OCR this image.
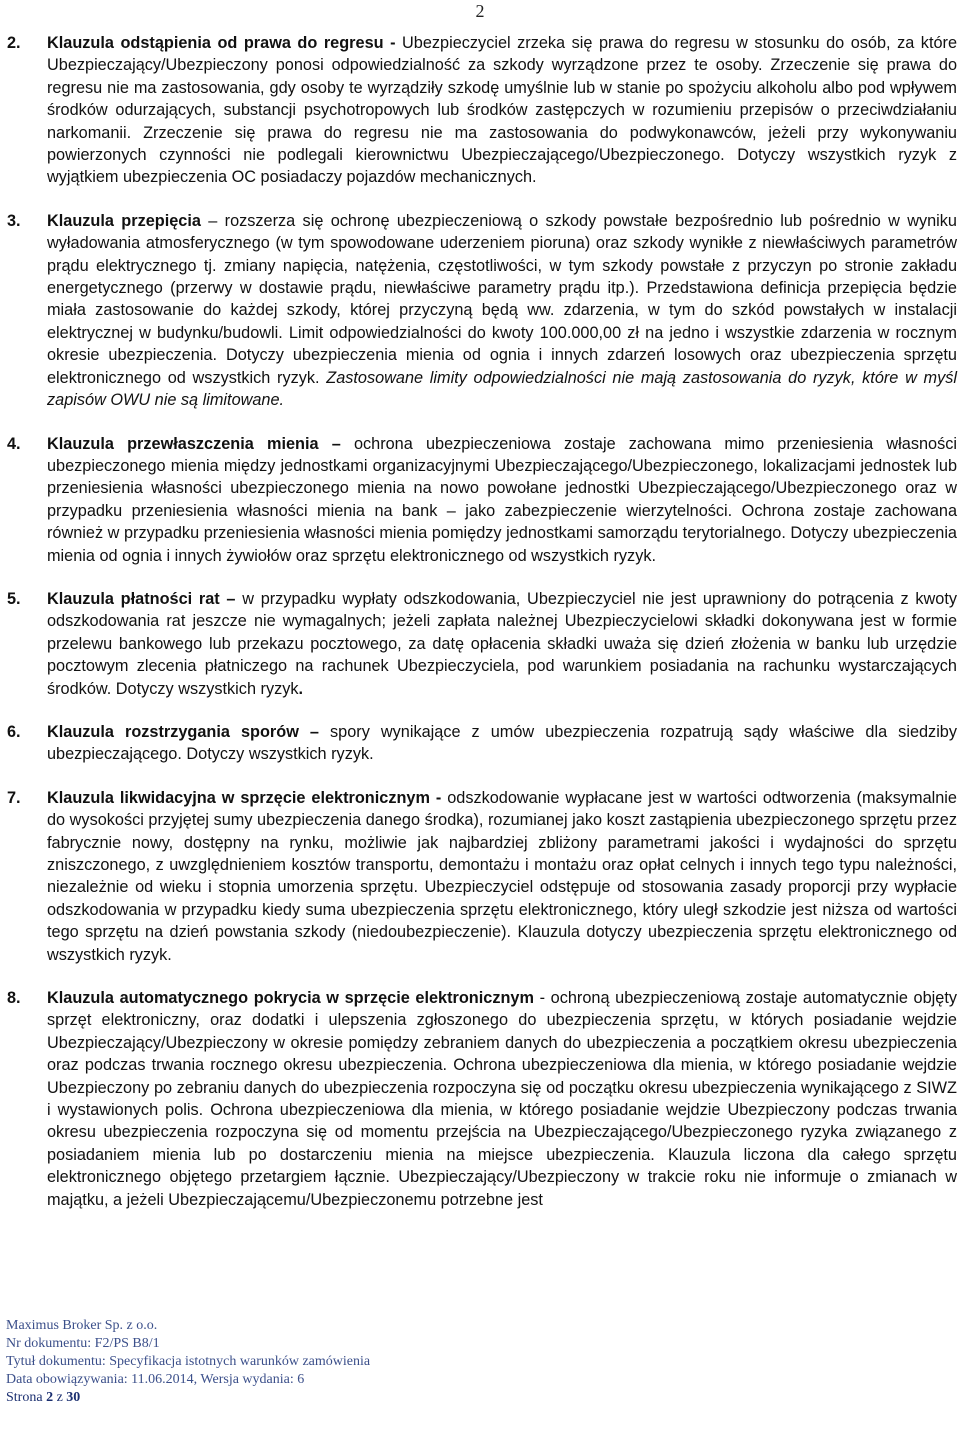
2
2.	Klauzula odstąpienia od prawa do regresu - Ubezpieczyciel zrzeka się prawa do regresu w stosunku do osób, za które Ubezpieczający/Ubezpieczony ponosi odpowiedzialność za szkody wyrządzone przez te osoby. Zrzeczenie się prawa do regresu nie ma zastosowania, gdy osoby te wyrządziły szkodę umyślnie lub w stanie po spożyciu alkoholu albo pod wpływem środków odurzających, substancji psychotropowych lub środków zastępczych w rozumieniu przepisów o przeciwdziałaniu narkomanii. Zrzeczenie się prawa do regresu nie ma zastosowania do podwykonawców, jeżeli przy wykonywaniu powierzonych czynności nie podlegali kierownictwu Ubezpieczającego/Ubezpieczonego. Dotyczy wszystkich ryzyk z wyjątkiem ubezpieczenia OC posiadaczy pojazdów mechanicznych.
3.	Klauzula przepięcia – rozszerza się ochronę ubezpieczeniową o szkody powstałe bezpośrednio lub pośrednio w wyniku wyładowania atmosferycznego (w tym spowodowane uderzeniem pioruna) oraz szkody wynikłe z niewłaściwych parametrów prądu elektrycznego tj. zmiany napięcia, natężenia, częstotliwości, w tym szkody powstałe z przyczyn po stronie zakładu energetycznego (przerwy w dostawie prądu, niewłaściwe parametry prądu itp.). Przedstawiona definicja przepięcia będzie miała zastosowanie do każdej szkody, której przyczyną będą ww. zdarzenia, w tym do szkód powstałych w instalacji elektrycznej w budynku/budowli. Limit odpowiedzialności do kwoty 100.000,00 zł na jedno i wszystkie zdarzenia w rocznym okresie ubezpieczenia. Dotyczy ubezpieczenia mienia od ognia i innych zdarzeń losowych oraz ubezpieczenia sprzętu elektronicznego od wszystkich ryzyk. Zastosowane limity odpowiedzialności nie mają zastosowania do ryzyk, które w myśl zapisów OWU nie są limitowane.
4.	Klauzula przewłaszczenia mienia – ochrona ubezpieczeniowa zostaje zachowana mimo przeniesienia własności ubezpieczonego mienia między jednostkami organizacyjnymi Ubezpieczającego/Ubezpieczonego, lokalizacjami jednostek lub przeniesienia własności ubezpieczonego mienia na nowo powołane jednostki Ubezpieczającego/Ubezpieczonego oraz w przypadku przeniesienia własności mienia na bank – jako zabezpieczenie wierzytelności. Ochrona zostaje zachowana również w przypadku przeniesienia własności mienia pomiędzy jednostkami samorządu terytorialnego. Dotyczy ubezpieczenia mienia od ognia i innych żywiołów oraz sprzętu elektronicznego od wszystkich ryzyk.
5.	Klauzula płatności rat – w przypadku wypłaty odszkodowania, Ubezpieczyciel nie jest uprawniony do potrącenia z kwoty odszkodowania rat jeszcze nie wymagalnych; jeżeli zapłata należnej Ubezpieczycielowi składki dokonywana jest w formie przelewu bankowego lub przekazu pocztowego, za datę opłacenia składki uważa się dzień złożenia w banku lub urzędzie pocztowym zlecenia płatniczego na rachunek Ubezpieczyciela, pod warunkiem posiadania na rachunku wystarczających środków. Dotyczy wszystkich ryzyk.
6.	Klauzula rozstrzygania sporów – spory wynikające z umów ubezpieczenia rozpatrują sądy właściwe dla siedziby ubezpieczającego. Dotyczy wszystkich ryzyk.
7.	Klauzula likwidacyjna w sprzęcie elektronicznym - odszkodowanie wypłacane jest w wartości odtworzenia (maksymalnie do wysokości przyjętej sumy ubezpieczenia danego środka), rozumianej jako koszt zastąpienia ubezpieczonego sprzętu przez fabrycznie nowy, dostępny na rynku, możliwie jak najbardziej zbliżony parametrami jakości i wydajności do sprzętu zniszczonego, z uwzględnieniem kosztów transportu, demontażu i montażu oraz opłat celnych i innych tego typu należności, niezależnie od wieku i stopnia umorzenia sprzętu. Ubezpieczyciel odstępuje od stosowania zasady proporcji przy wypłacie odszkodowania w przypadku kiedy suma ubezpieczenia sprzętu elektronicznego, który uległ szkodzie jest niższa od wartości tego sprzętu na dzień powstania szkody (niedoubezpieczenie). Klauzula dotyczy ubezpieczenia sprzętu elektronicznego od wszystkich ryzyk.
8.	Klauzula automatycznego pokrycia w sprzęcie elektronicznym - ochroną ubezpieczeniową zostaje automatycznie objęty sprzęt elektroniczny, oraz dodatki i ulepszenia zgłoszonego do ubezpieczenia sprzętu, w których posiadanie wejdzie Ubezpieczający/Ubezpieczony w okresie pomiędzy zebraniem danych do ubezpieczenia a początkiem okresu ubezpieczenia oraz podczas trwania rocznego okresu ubezpieczenia. Ochrona ubezpieczeniowa dla mienia, w którego posiadanie wejdzie Ubezpieczony po zebraniu danych do ubezpieczenia rozpoczyna się od początku okresu ubezpieczenia wynikającego z SIWZ i wystawionych polis. Ochrona ubezpieczeniowa dla mienia, w którego posiadanie wejdzie Ubezpieczony podczas trwania okresu ubezpieczenia rozpoczyna się od momentu przejścia na Ubezpieczającego/Ubezpieczonego ryzyka związanego z posiadaniem mienia lub po dostarczeniu mienia na miejsce ubezpieczenia. Klauzula liczona dla całego sprzętu elektronicznego objętego przetargiem łącznie. Ubezpieczający/Ubezpieczony w trakcie roku nie informuje o zmianach w majątku, a jeżeli Ubezpieczającemu/Ubezpieczonemu potrzebne jest
Maximus Broker Sp. z o.o.
Nr dokumentu: F2/PS B8/1
Tytuł dokumentu: Specyfikacja istotnych warunków zamówienia
Data obowiązywania: 11.06.2014, Wersja wydania: 6
Strona 2 z 30
